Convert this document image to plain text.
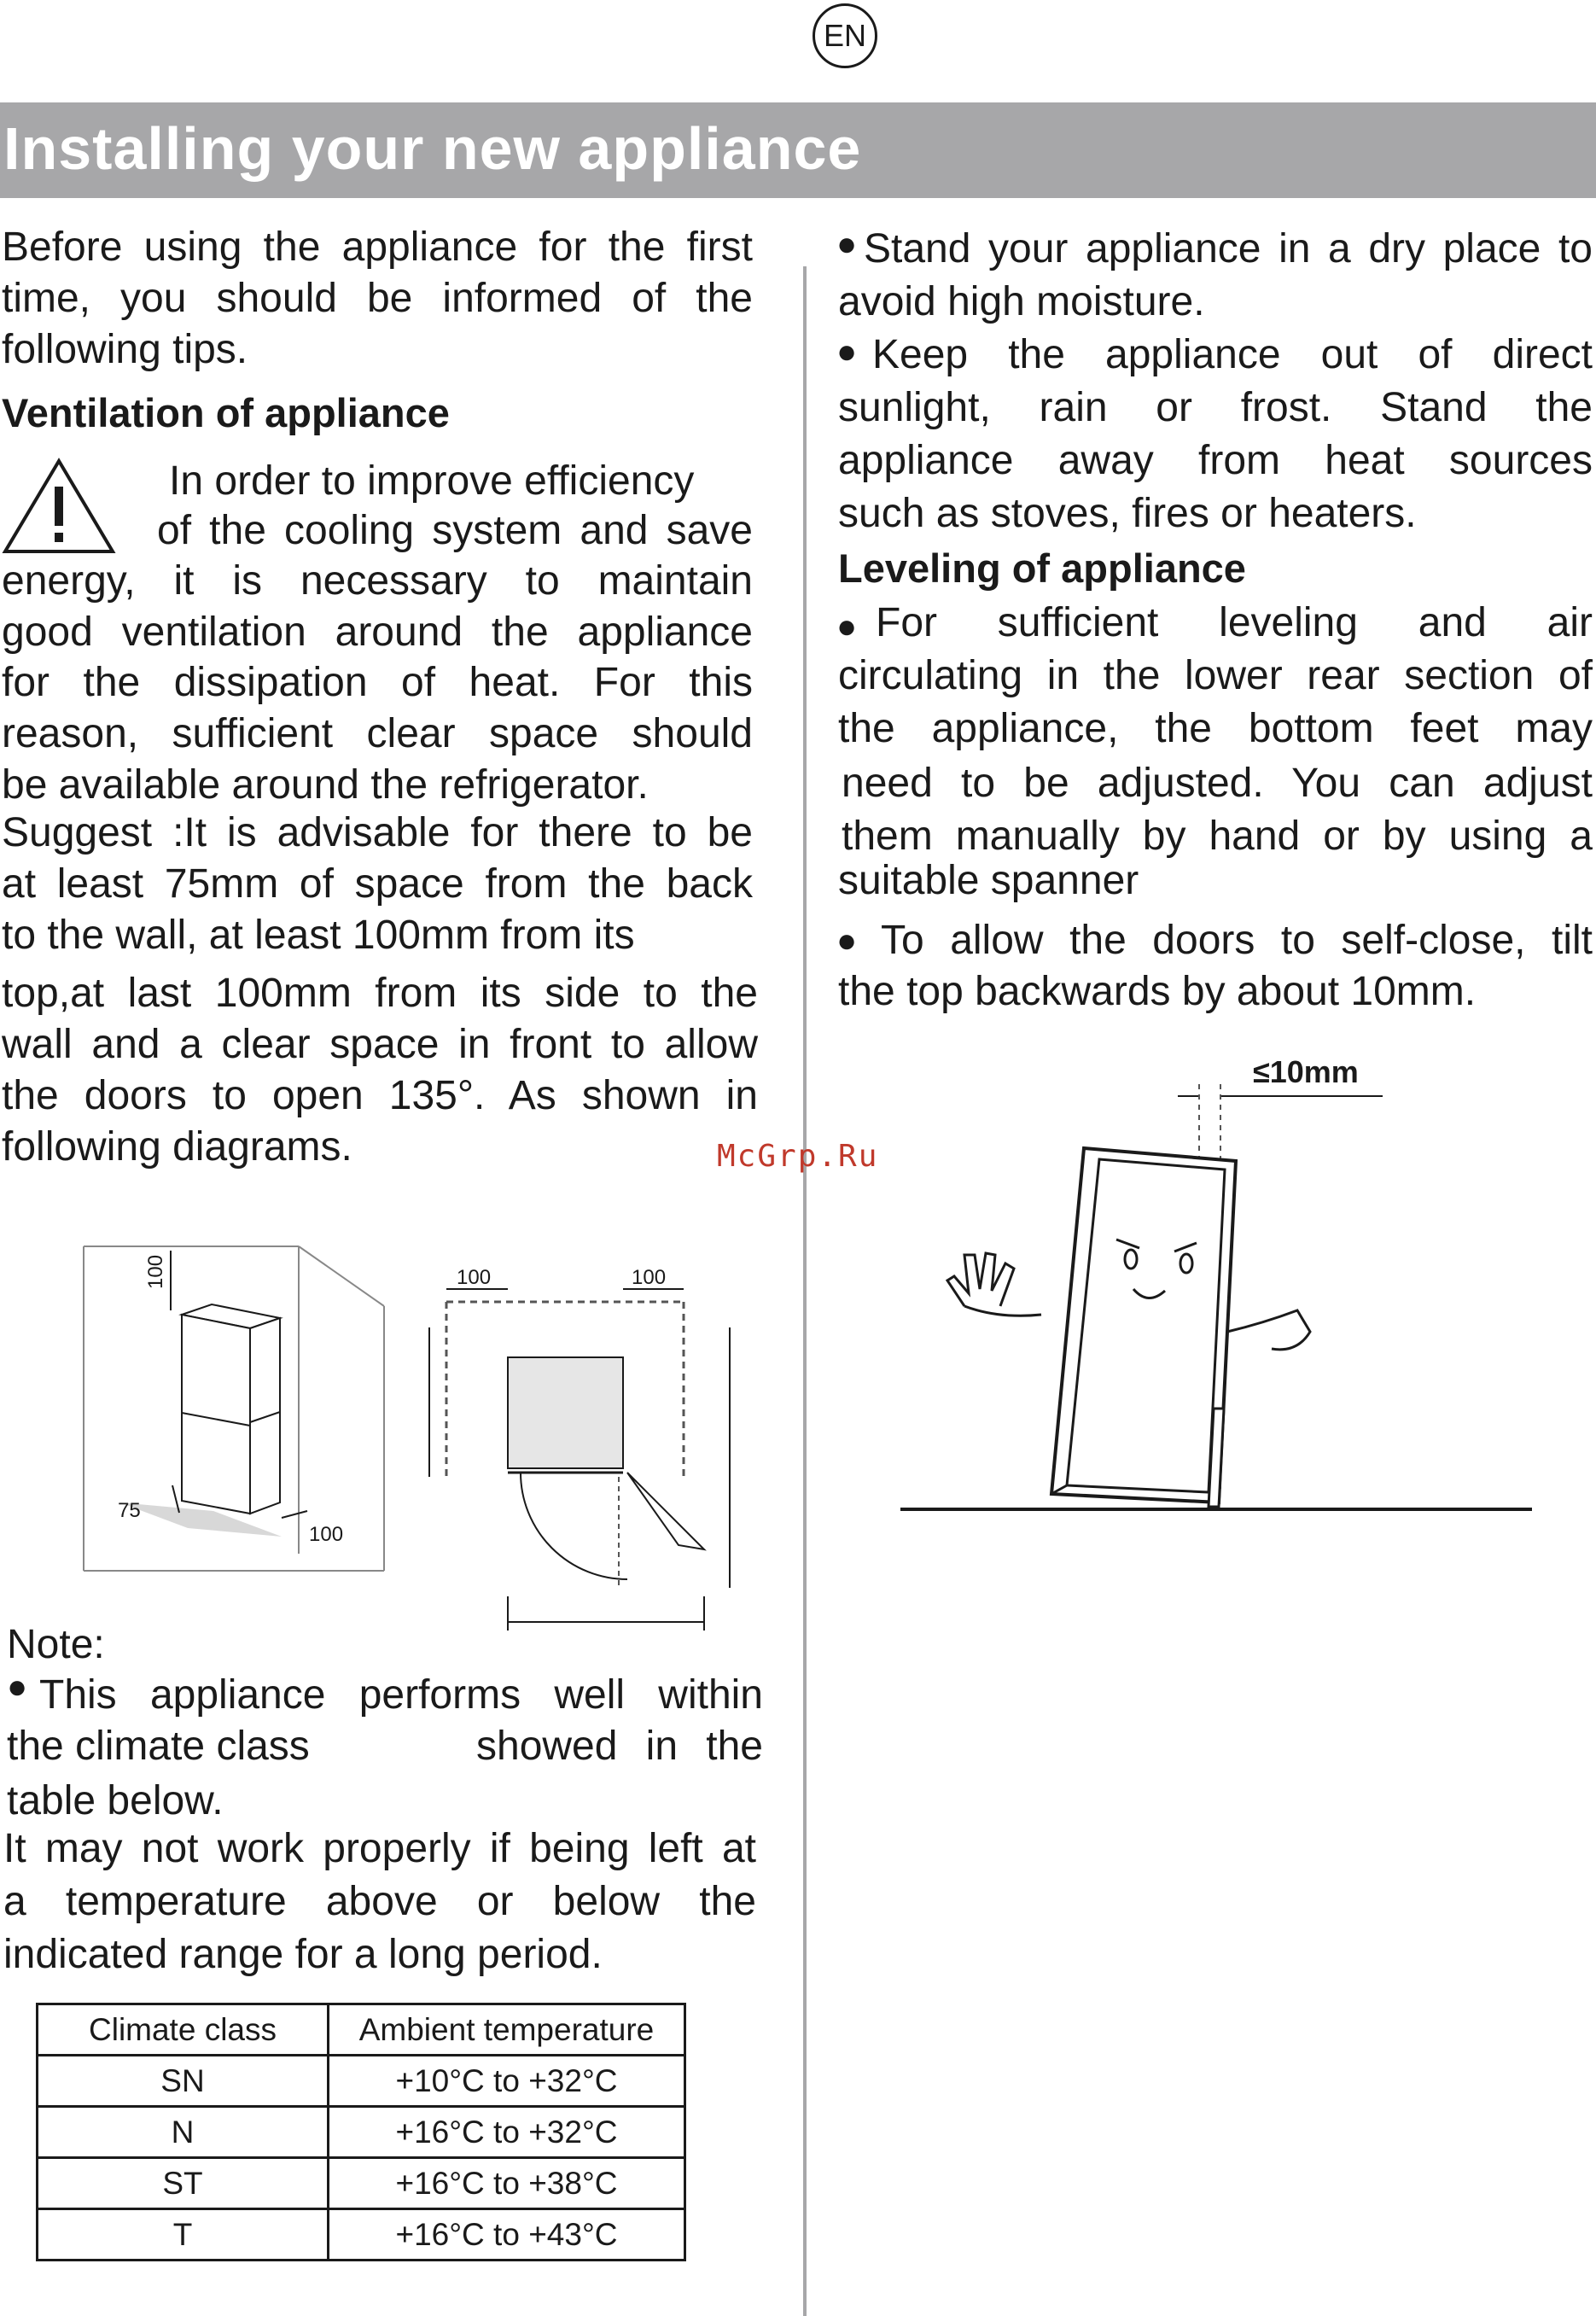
EN
Installing your new appliance
Before using the appliance for the first
time, you should be informed of the
following tips.
Ventilation of appliance
In order to improve efficiency
of the cooling system and save
energy, it is necessary to maintain
good ventilation around the appliance
for the dissipation of heat. For this
reason, sufficient clear space should
be available around the refrigerator.
Suggest :It is advisable for there to be
at least 75mm of space from the back
to the wall, at least 100mm from its
top,at last 100mm from its side to the
wall and a clear space in front to allow
the doors to open 135°. As shown in
following diagrams.	McGrp.Ru
100
75
100
100	100
Note:
● This appliance performs well within
the climate class	showed in the
table below.
It may not work properly if being left at
a temperature above or below the
indicated range for a long period.
Climate class	Ambient temperature
SN	+10°C to +32°C
N	+16°C to +32°C
ST	+16°C to +38°C
T	+16°C to +43°C
● Stand your appliance in a dry place to
avoid high moisture.
● Keep the appliance out of direct
sunlight, rain or frost. Stand the
appliance away from heat sources
such as stoves, fires or heaters.
Leveling of appliance
● For sufficient leveling and air
circulating in the lower rear section of
the appliance, the bottom feet may
need to be adjusted. You can adjust
them manually by hand or by using a
suitable spanner
● To allow the doors to self-close, tilt
the top backwards by about 10mm.
≤10mm
